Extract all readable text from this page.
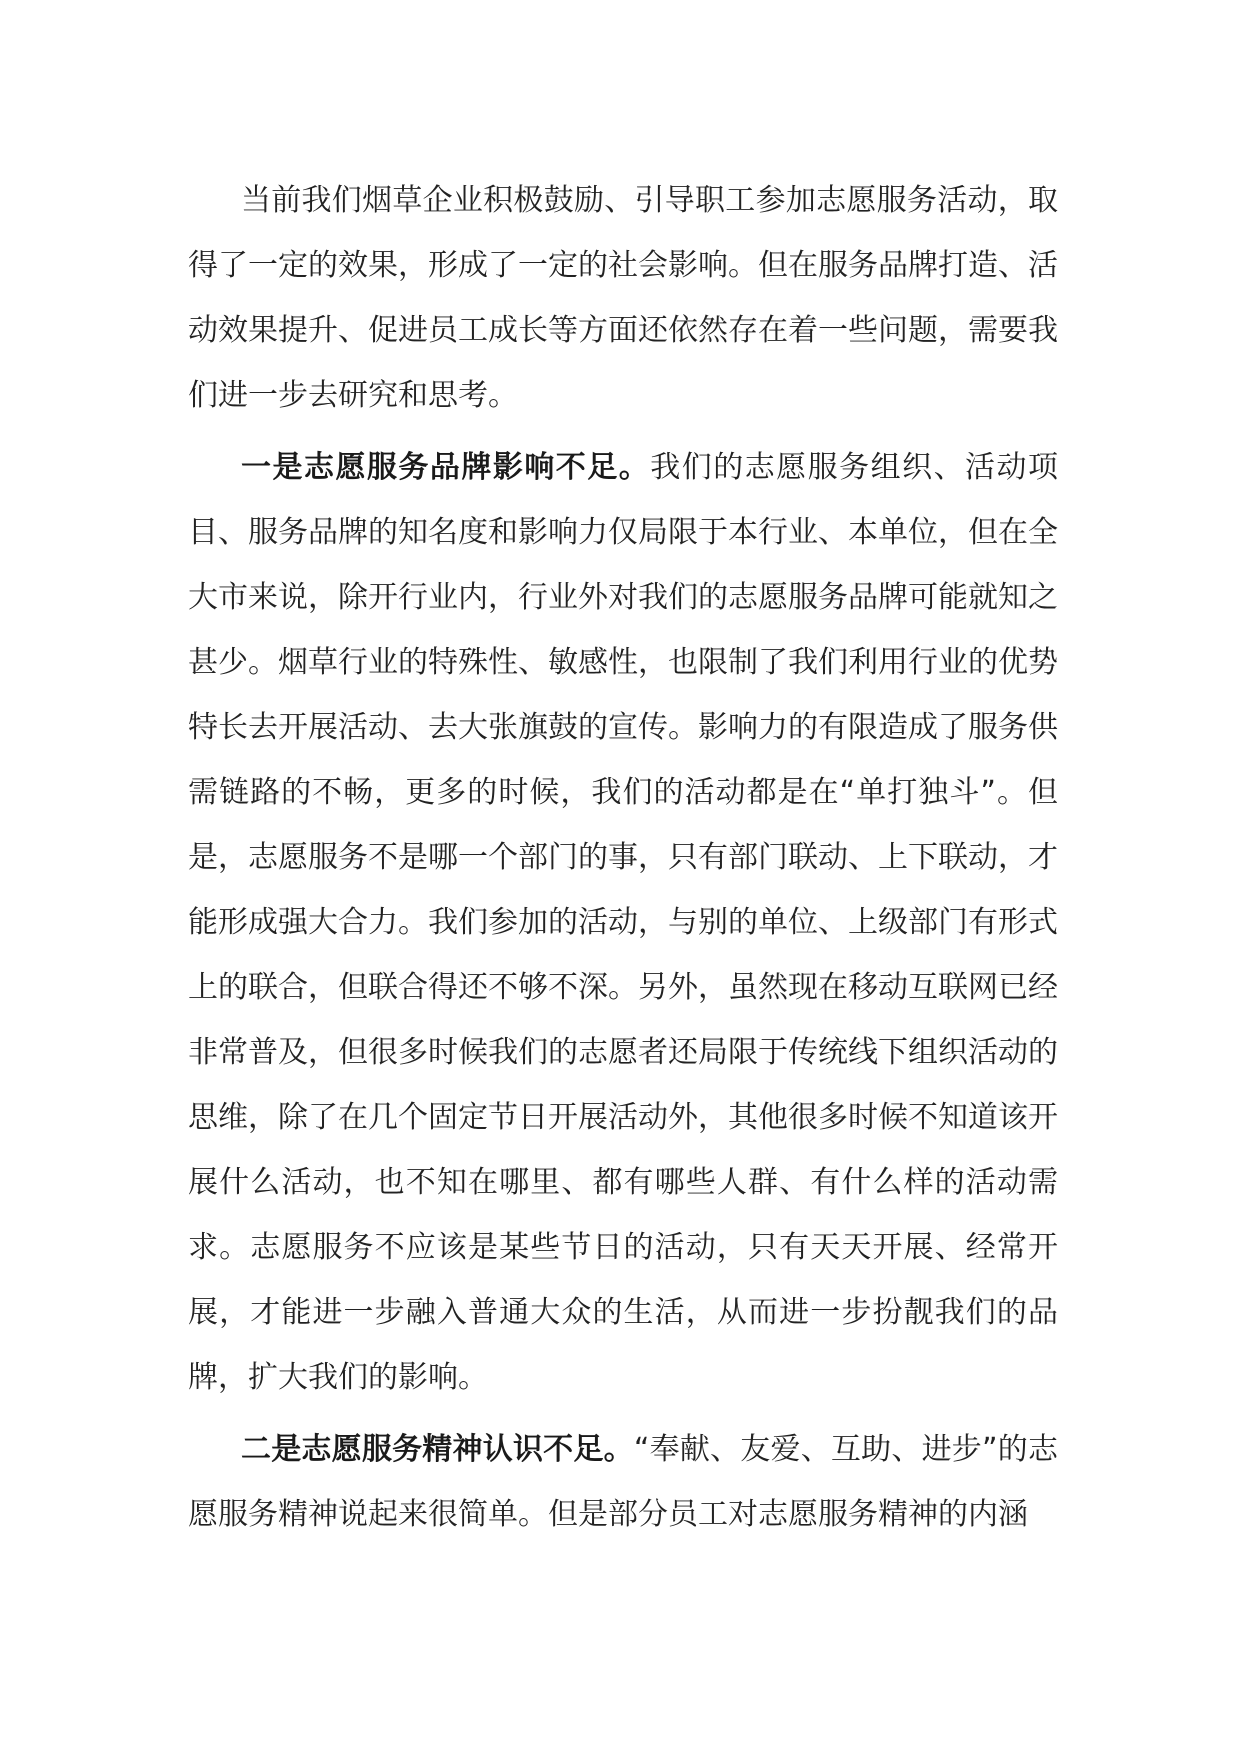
当前我们烟草企业积极鼓励、引导职工参加志愿服务活动，取得了一定的效果，形成了一定的社会影响。但在服务品牌打造、活动效果提升、促进员工成长等方面还依然存在着一些问题，需要我们进一步去研究和思考。

一是志愿服务品牌影响不足。我们的志愿服务组织、活动项目、服务品牌的知名度和影响力仅局限于本行业、本单位，但在全大市来说，除开行业内，行业外对我们的志愿服务品牌可能就知之甚少。烟草行业的特殊性、敏感性，也限制了我们利用行业的优势特长去开展活动、去大张旗鼓的宣传。影响力的有限造成了服务供需链路的不畅，更多的时候，我们的活动都是在“单打独斗”。但是，志愿服务不是哪一个部门的事，只有部门联动、上下联动，才能形成强大合力。我们参加的活动，与别的单位、上级部门有形式上的联合，但联合得还不够不深。另外，虽然现在移动互联网已经非常普及，但很多时候我们的志愿者还局限于传统线下组织活动的思维，除了在几个固定节日开展活动外，其他很多时候不知道该开展什么活动，也不知在哪里、都有哪些人群、有什么样的活动需求。志愿服务不应该是某些节日的活动，只有天天开展、经常开展，才能进一步融入普通大众的生活，从而进一步扮靓我们的品牌，扩大我们的影响。

二是志愿服务精神认识不足。“奉献、友爱、互助、进步”的志愿服务精神说起来很简单。但是部分员工对志愿服务精神的内涵
